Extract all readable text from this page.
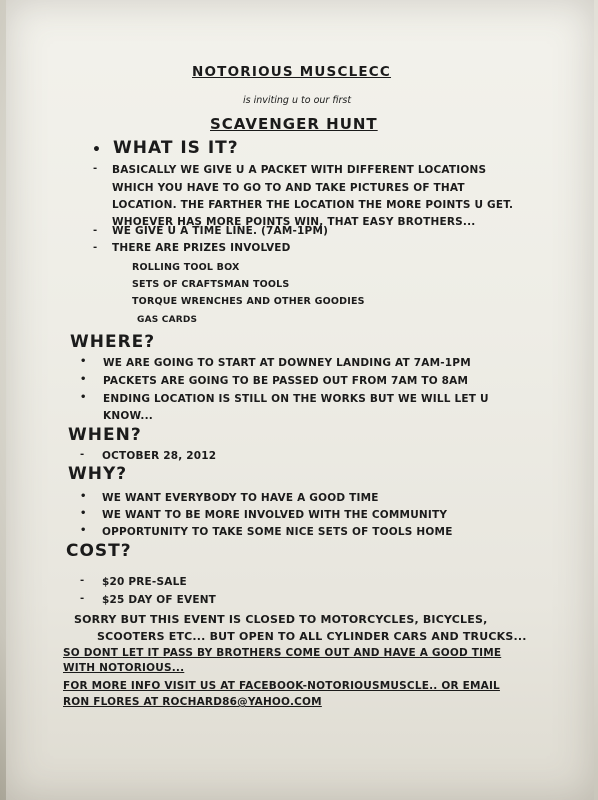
NOTORIOUS MUSCLECC
is inviting u to our first
SCAVENGER HUNT
• WHAT IS IT?
- BASICALLY WE GIVE U A PACKET WITH DIFFERENT LOCATIONS
WHICH YOU HAVE TO GO TO AND TAKE PICTURES OF THAT
LOCATION. THE FARTHER THE LOCATION THE MORE POINTS U GET.
WHOEVER HAS MORE POINTS WIN, THAT EASY BROTHERS...
- WE GIVE U A TIME LINE. (7AM-1PM)
- THERE ARE PRIZES INVOLVED
ROLLING TOOL BOX
SETS OF CRAFTSMAN TOOLS
TORQUE WRENCHES AND OTHER GOODIES
GAS CARDS
WHERE?
• WE ARE GOING TO START AT DOWNEY LANDING AT 7AM-1PM
• PACKETS ARE GOING TO BE PASSED OUT FROM 7AM TO 8AM
• ENDING LOCATION IS STILL ON THE WORKS BUT WE WILL LET U
KNOW...
WHEN?
- OCTOBER 28, 2012
WHY?
• WE WANT EVERYBODY TO HAVE A GOOD TIME
• WE WANT TO BE MORE INVOLVED WITH THE COMMUNITY
• OPPORTUNITY TO TAKE SOME NICE SETS OF TOOLS HOME
COST?
- $20 PRE-SALE
- $25 DAY OF EVENT
SORRY BUT THIS EVENT IS CLOSED TO MOTORCYCLES, BICYCLES,
SCOOTERS ETC... BUT OPEN TO ALL CYLINDER CARS AND TRUCKS...
SO DONT LET IT PASS BY BROTHERS COME OUT AND HAVE A GOOD TIME
WITH NOTORIOUS...
FOR MORE INFO VISIT US AT FACEBOOK-NOTORIOUSMUSCLE.. OR EMAIL
RON FLORES AT ROCHARD86@YAHOO.COM
